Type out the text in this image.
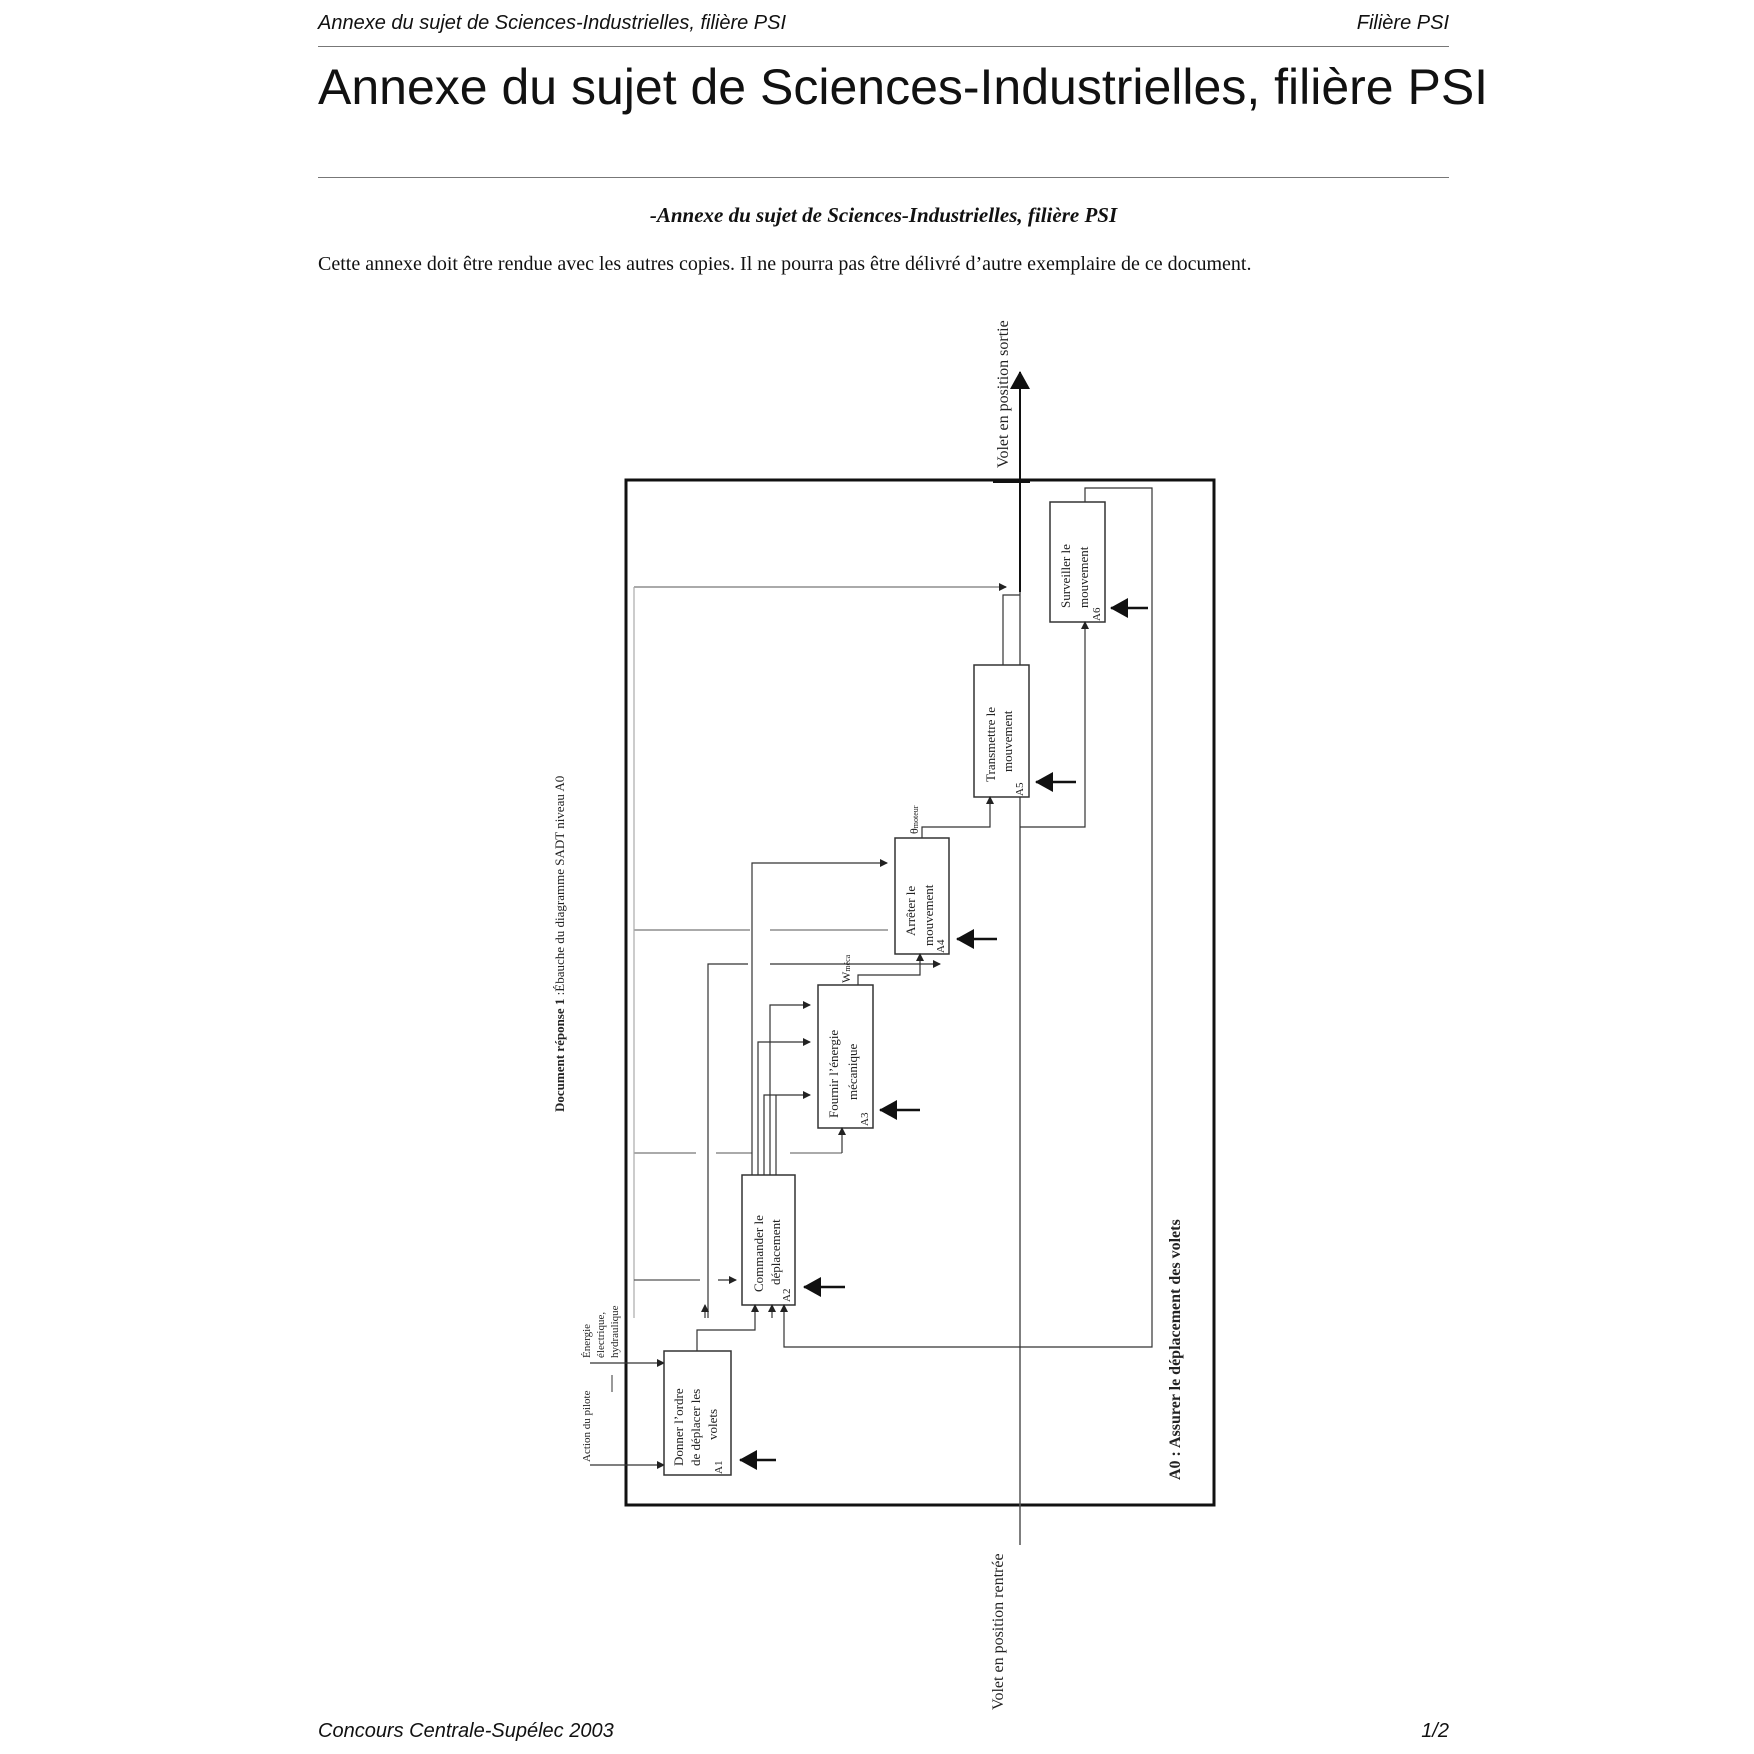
Annexe du sujet de Sciences-Industrielles, filière PSI	Filière PSI
Annexe du sujet de Sciences-Industrielles, filière PSI
-Annexe du sujet de Sciences-Industrielles, filière PSI
Cette annexe doit être rendue avec les autres copies. Il ne pourra pas être délivré d’autre exemplaire de ce document.
Document réponse 1 :Ébauche du diagramme SADT niveau A0
A0 : Assurer le déplacement des volets
Volet en position sortie
Volet en position rentrée
Action du pilote
Énergie électrique, hydraulique
Donner l’ordre de déplacer les volets
A1
Commander le déplacement
A2
Fournir l’énergie mécanique
A3
Arrêter le mouvement
A4
Transmettre le mouvement
A5
Surveiller le mouvement
A6
Wméca
θmoteur
Concours Centrale-Supélec 2003	1/2
